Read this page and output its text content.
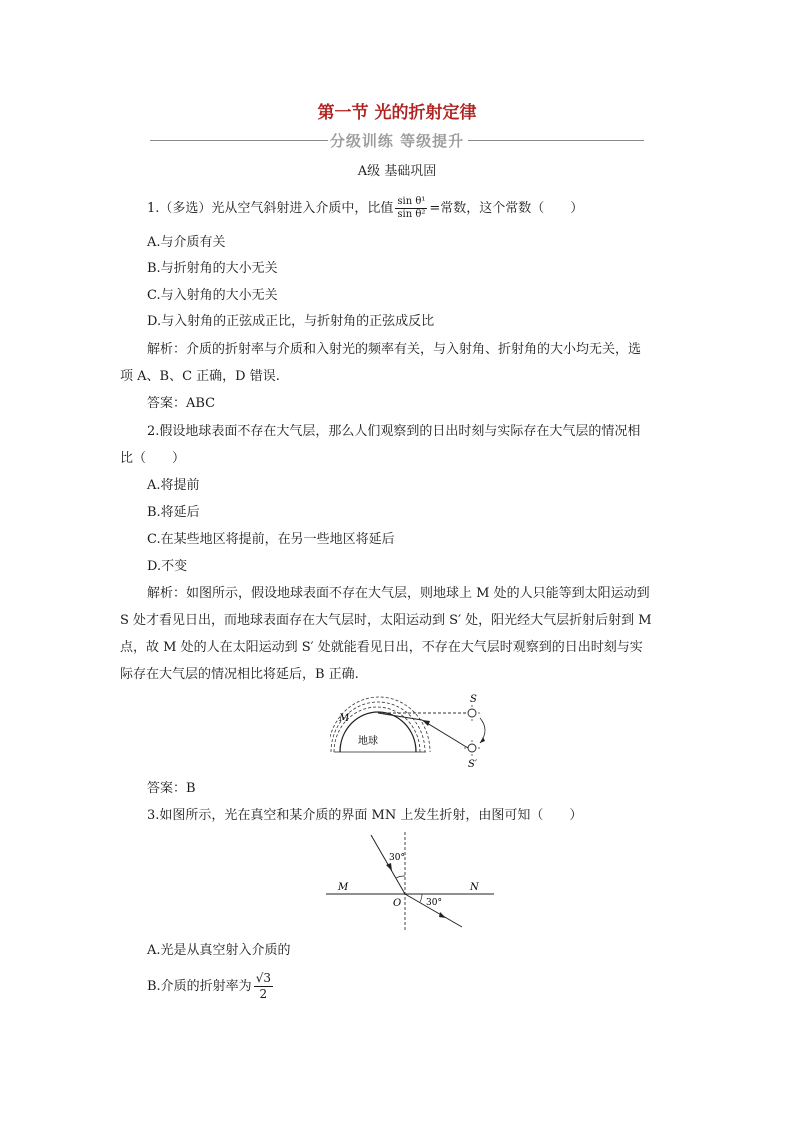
第一节 光的折射定律
分级训练 等级提升
A级 基础巩固
1.（多选）光从空气斜射进入介质中，比值 $\frac{\text{sin θ¹}}{\text{sin θ²}}$ =常数，这个常数（　　）
A.与介质有关
B.与折射角的大小无关
C.与入射角的大小无关
D.与入射角的正弦成正比，与折射角的正弦成反比
解析：介质的折射率与介质和入射光的频率有关，与入射角、折射角的大小均无关，选
项 A、B、C 正确，D 错误.
答案：ABC
2.假设地球表面不存在大气层，那么人们观察到的日出时刻与实际存在大气层的情况相
比（　　）
A.将提前
B.将延后
C.在某些地区将提前，在另一些地区将延后
D.不变
解析：如图所示，假设地球表面不存在大气层，则地球上 M 处的人只能等到太阳运动到
S 处才看见日出，而地球表面存在大气层时，太阳运动到 S′ 处，阳光经大气层折射后射到 M
点，故 M 处的人在太阳运动到 S′ 处就能看见日出，不存在大气层时观察到的日出时刻与实
际存在大气层的情况相比将延后，B 正确.
S
S′
M
地球
答案：B
3.如图所示，光在真空和某介质的界面 MN 上发生折射，由图可知（　　）
30°
30°
M	N
O
A.光是从真空射入介质的
B.介质的折射率为 $\frac{√3}{2}$
